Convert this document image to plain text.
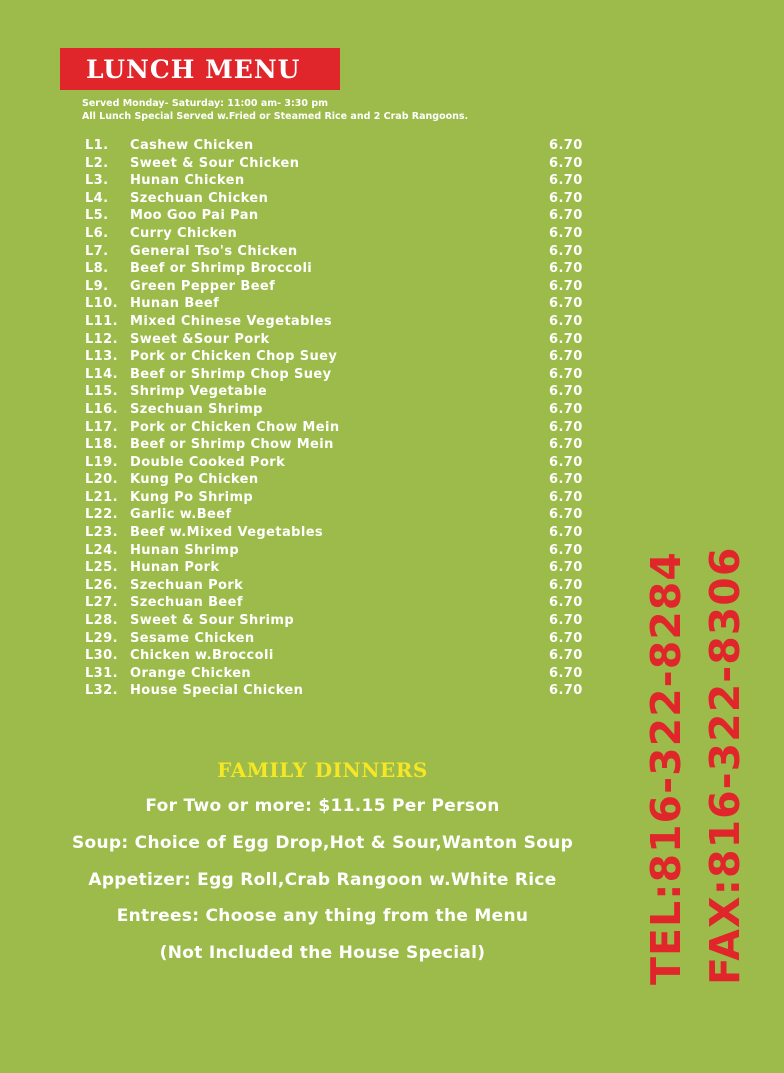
LUNCH MENU
Served Monday- Saturday: 11:00 am- 3:30 pm
All Lunch Special Served w.Fried or Steamed Rice and 2 Crab Rangoons.
L1. Cashew Chicken	6.70
L2. Sweet & Sour Chicken	6.70
L3. Hunan Chicken	6.70
L4. Szechuan Chicken	6.70
L5. Moo Goo Pai Pan	6.70
L6. Curry Chicken	6.70
L7. General Tso's Chicken	6.70
L8. Beef or Shrimp Broccoli	6.70
L9. Green Pepper Beef	6.70
L10. Hunan Beef	6.70
L11. Mixed Chinese Vegetables	6.70
L12. Sweet &Sour Pork	6.70
L13. Pork or Chicken Chop Suey	6.70
L14. Beef or Shrimp Chop Suey	6.70
L15. Shrimp Vegetable	6.70
L16. Szechuan Shrimp	6.70
L17. Pork or Chicken Chow Mein	6.70
L18. Beef or Shrimp Chow Mein	6.70
L19. Double Cooked Pork	6.70
L20. Kung Po Chicken	6.70
L21. Kung Po Shrimp	6.70
L22. Garlic w.Beef	6.70
L23. Beef w.Mixed Vegetables	6.70
L24. Hunan Shrimp	6.70
L25. Hunan Pork	6.70
L26. Szechuan Pork	6.70
L27. Szechuan Beef	6.70
L28. Sweet & Sour Shrimp	6.70
L29. Sesame Chicken	6.70
L30. Chicken w.Broccoli	6.70
L31. Orange Chicken	6.70
L32. House Special Chicken	6.70
FAMILY DINNERS
For Two or more: $11.15 Per Person
Soup: Choice of Egg Drop,Hot & Sour,Wanton Soup
Appetizer: Egg Roll,Crab Rangoon w.White Rice
Entrees: Choose any thing from the Menu
(Not Included the House Special)	TEL:816-322-8284 FAX:816-322-8306
